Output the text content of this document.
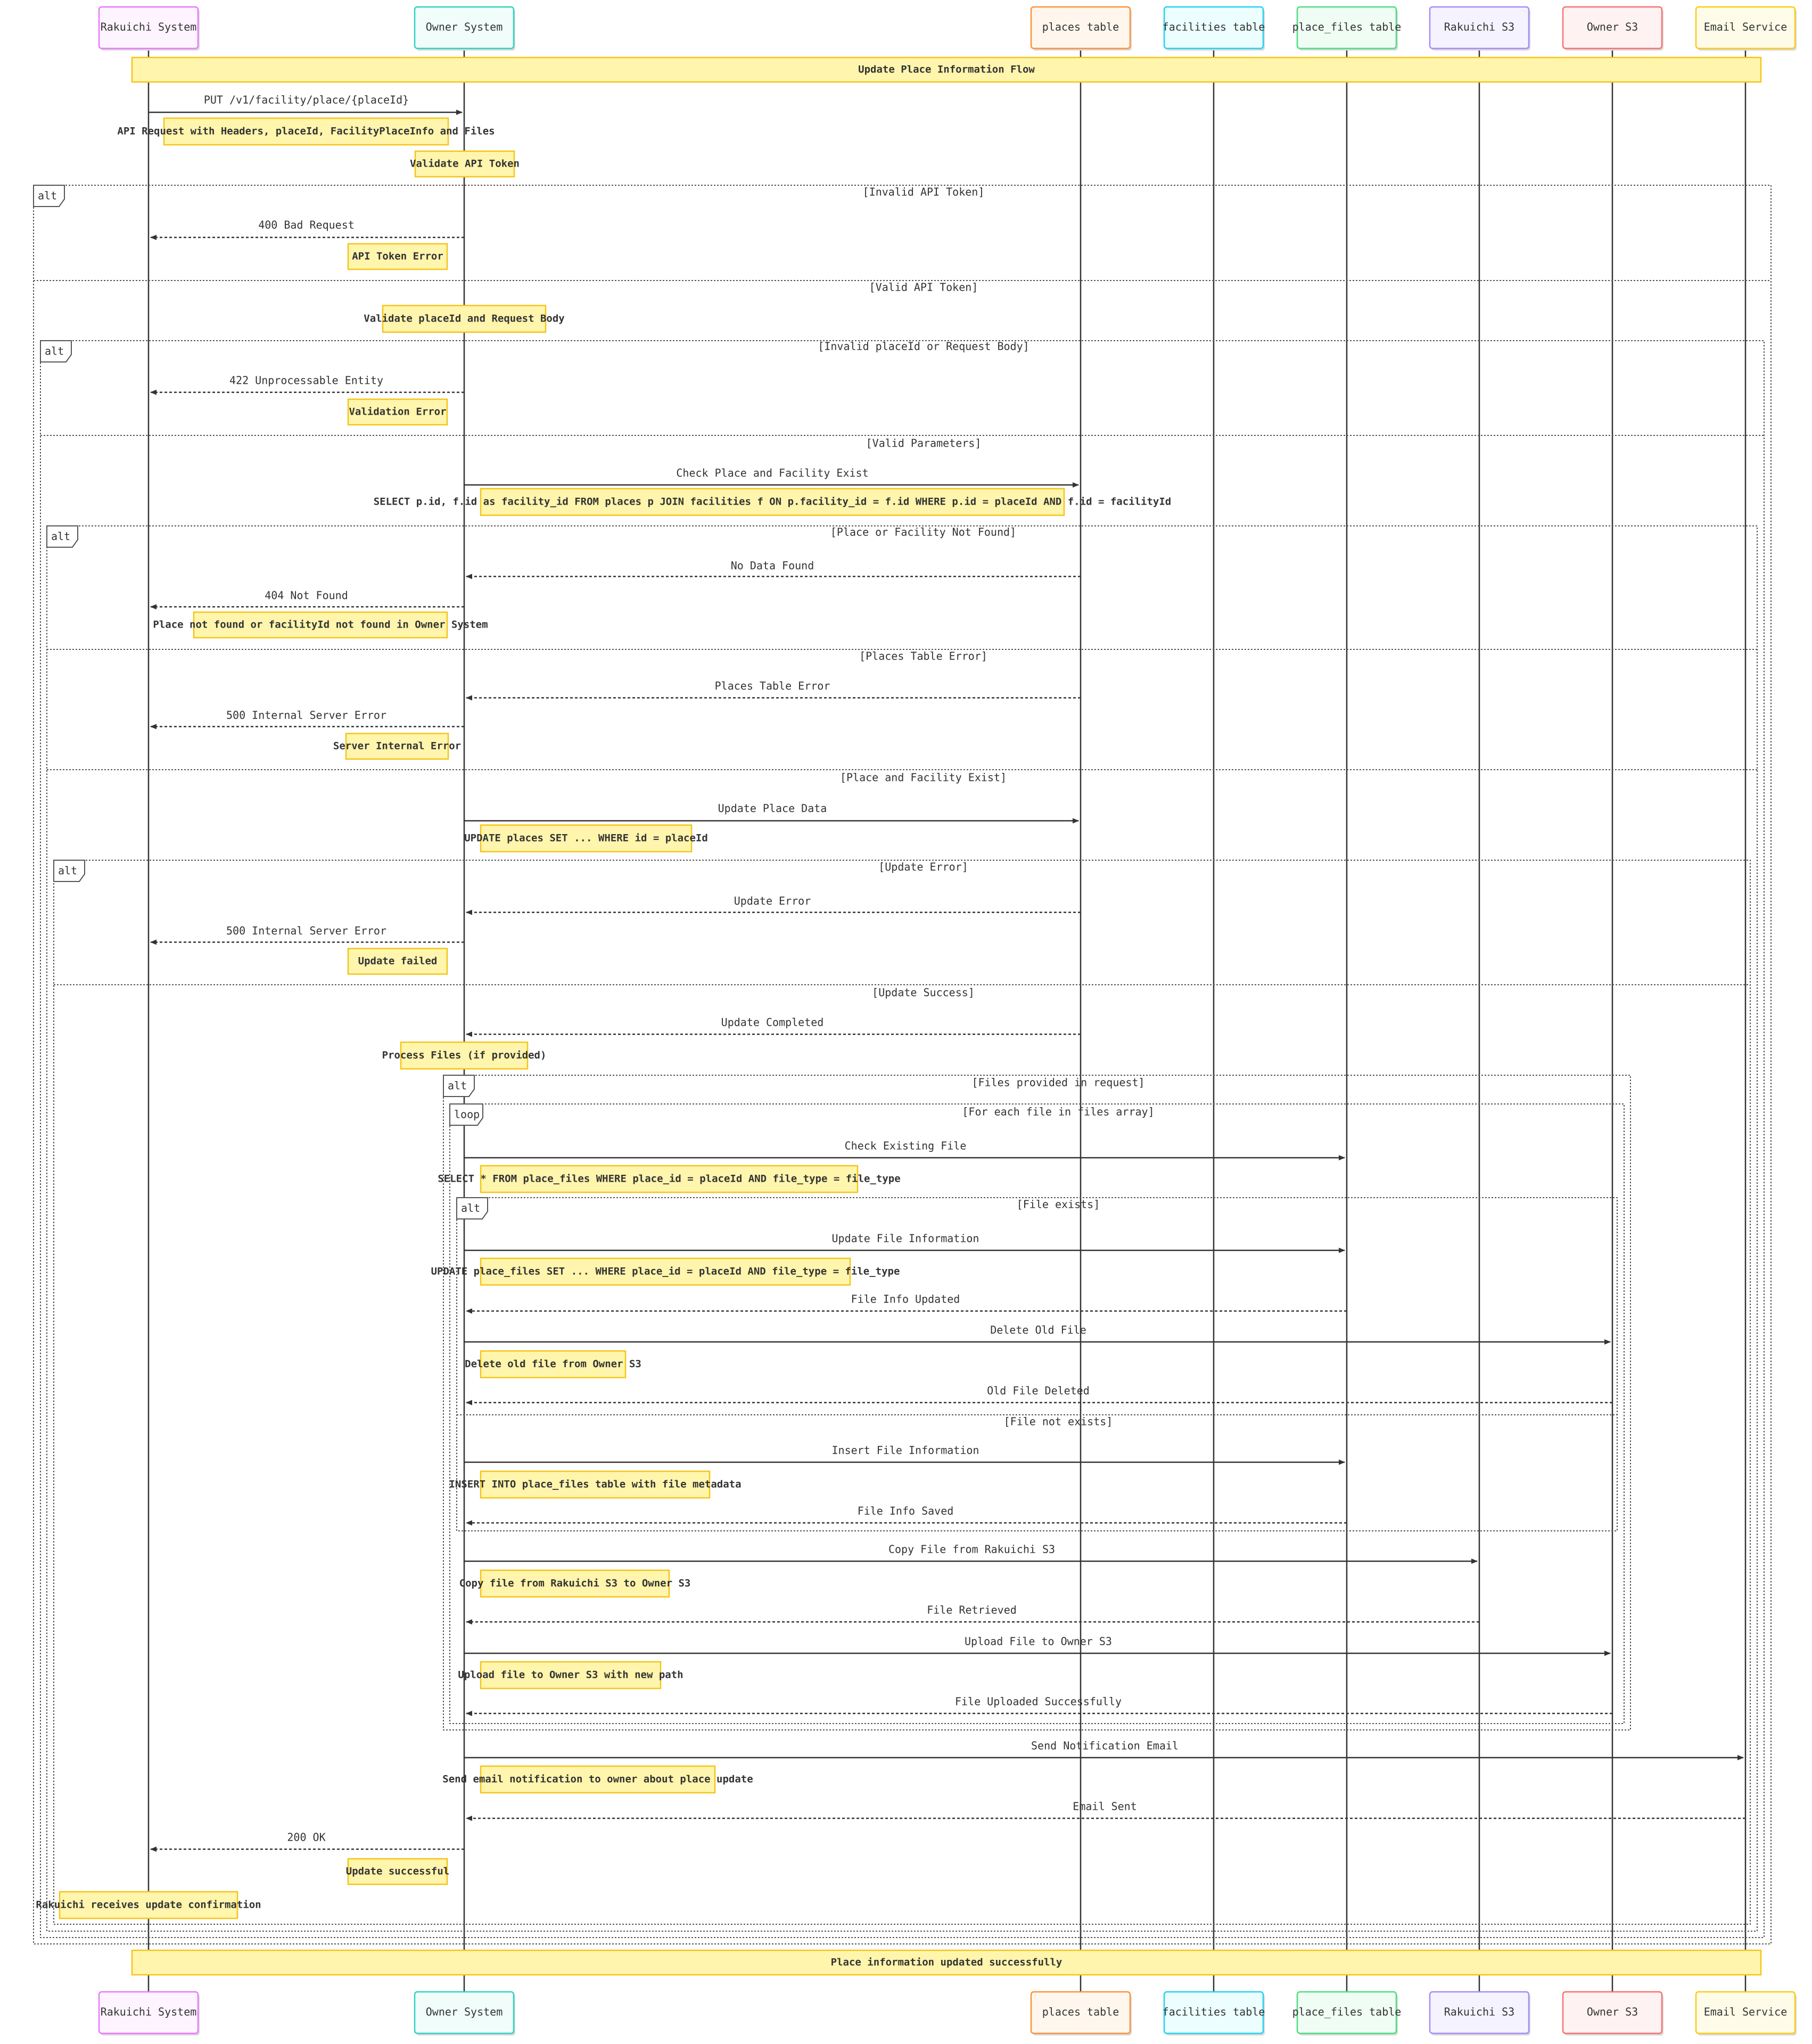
alt	[Invalid API Token]
[Valid API Token]
alt	[Invalid placeId or Request Body]
[Valid Parameters]
alt	[Place or Facility Not Found]
[Places Table Error]
[Place and Facility Exist]
alt	[Update Error]
[Update Success]
alt	[Files provided in request]
loop	[For each file in files array]
alt	[File exists]
[File not exists]
Update Place Information Flow
API Request with Headers, placeId, FacilityPlaceInfo and Files
Validate API Token
API Token Error
Validate placeId and Request Body
Validation Error
SELECT p.id, f.id as facility_id FROM places p JOIN facilities f ON p.facility_id = f.id WHERE p.id = placeId AND f.id = facilityId
Place not found or facilityId not found in Owner System
Server Internal Error
UPDATE places SET ... WHERE id = placeId
Update failed
Process Files (if provided)
SELECT * FROM place_files WHERE place_id = placeId AND file_type = file_type
UPDATE place_files SET ... WHERE place_id = placeId AND file_type = file_type
Delete old file from Owner S3
INSERT INTO place_files table with file metadata
Copy file from Rakuichi S3 to Owner S3
Upload file to Owner S3 with new path
Send email notification to owner about place update
Update successful
Rakuichi receives update confirmation
Place information updated successfully
PUT /v1/facility/place/{placeId}
400 Bad Request
422 Unprocessable Entity
Check Place and Facility Exist
No Data Found
404 Not Found
Places Table Error
500 Internal Server Error
Update Place Data
Update Error
500 Internal Server Error
Update Completed
Check Existing File
Update File Information
File Info Updated
Delete Old File
Old File Deleted
Insert File Information
File Info Saved
Copy File from Rakuichi S3
File Retrieved
Upload File to Owner S3
File Uploaded Successfully
Send Notification Email
Email Sent
200 OK
Rakuichi System
Rakuichi System
Owner System
Owner System
places table
places table
facilities table
facilities table
place_files table
place_files table
Rakuichi S3
Rakuichi S3
Owner S3
Owner S3
Email Service
Email Service
